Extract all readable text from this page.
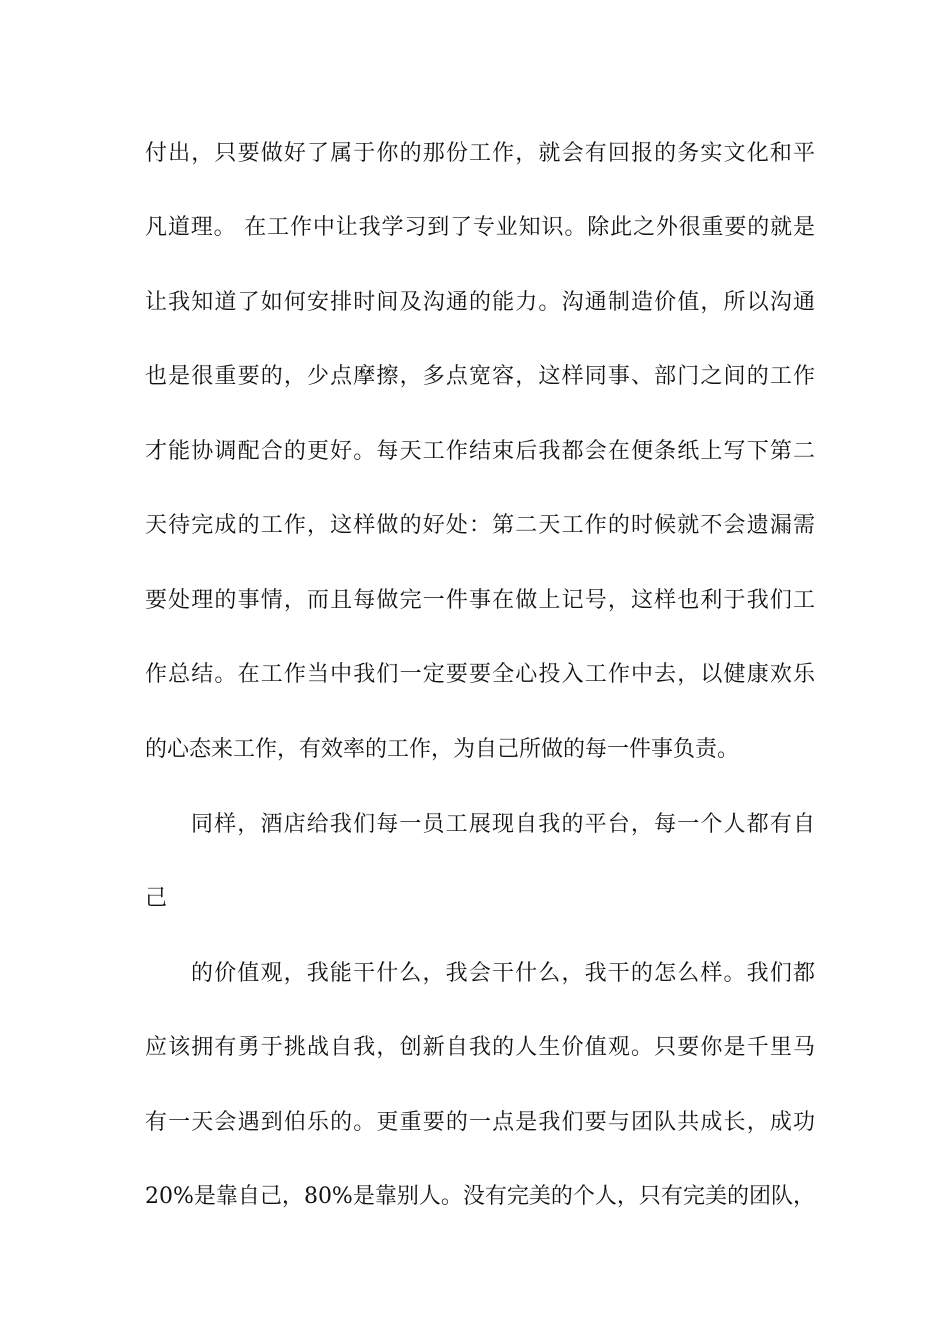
付出，只要做好了属于你的那份工作，就会有回报的务实文化和平
凡道理。 在工作中让我学习到了专业知识。除此之外很重要的就是
让我知道了如何安排时间及沟通的能力。沟通制造价值，所以沟通
也是很重要的，少点摩擦，多点宽容，这样同事、部门之间的工作
才能协调配合的更好。每天工作结束后我都会在便条纸上写下第二
天待完成的工作，这样做的好处：第二天工作的时候就不会遗漏需
要处理的事情，而且每做完一件事在做上记号，这样也利于我们工
作总结。在工作当中我们一定要要全心投入工作中去，以健康欢乐
的心态来工作，有效率的工作，为自己所做的每一件事负责。
同样，酒店给我们每一员工展现自我的平台，每一个人都有自
己
的价值观，我能干什么，我会干什么，我干的怎么样。我们都
应该拥有勇于挑战自我，创新自我的人生价值观。只要你是千里马
有一天会遇到伯乐的。更重要的一点是我们要与团队共成长，成功
20%是靠自己，80%是靠别人。没有完美的个人，只有完美的团队，
